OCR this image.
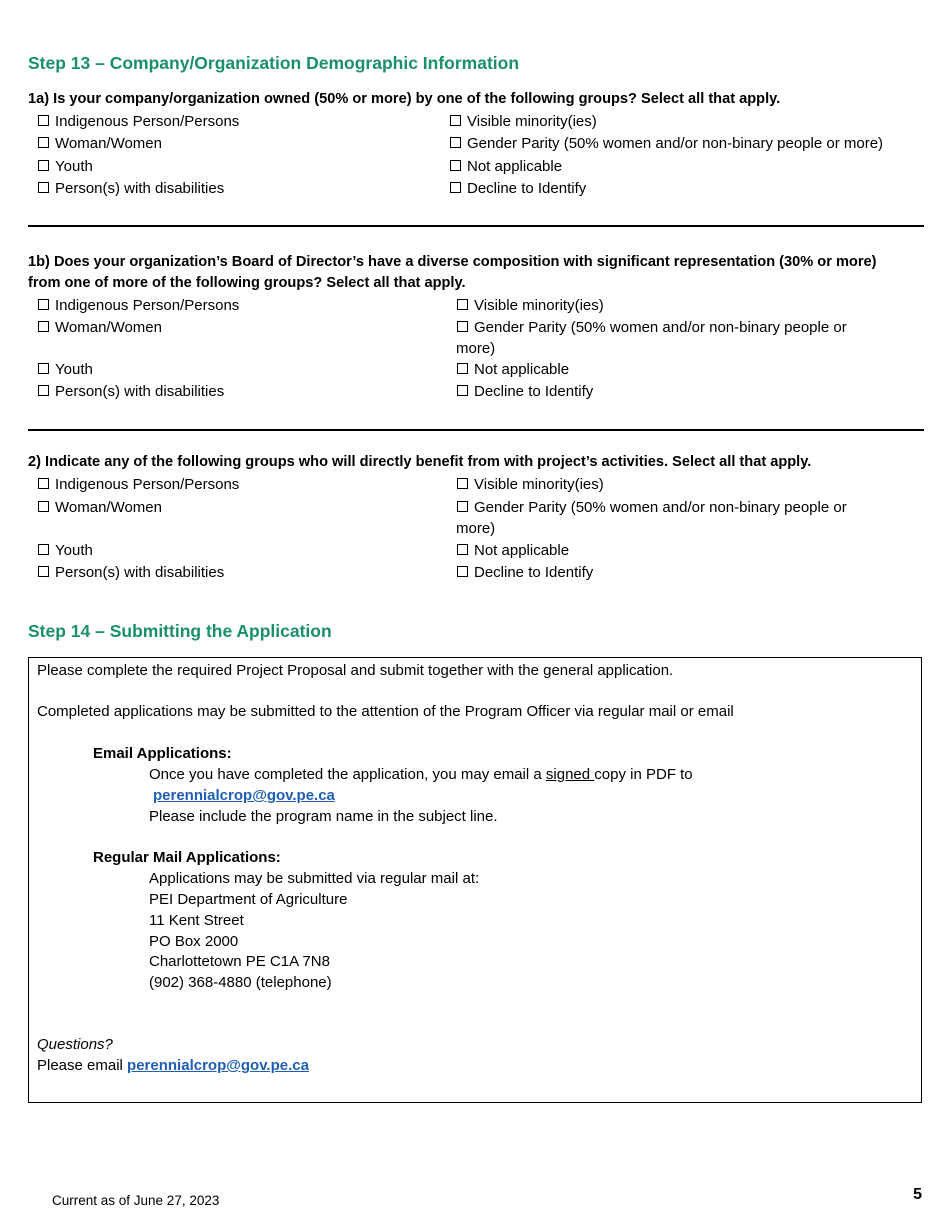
Step 13 – Company/Organization Demographic Information
1a) Is your company/organization owned (50% or more) by one of the following groups? Select all that apply.
Indigenous Person/Persons
Woman/Women
Youth
Person(s) with disabilities
Visible minority(ies)
Gender Parity (50% women and/or non-binary people or more)
Not applicable
Decline to Identify
1b) Does your organization’s Board of Director’s have a diverse composition with significant representation (30% or more)
from one of more of the following groups? Select all that apply.
Indigenous Person/Persons
Woman/Women
Youth
Person(s) with disabilities
Visible minority(ies)
Gender Parity (50% women and/or non-binary people or
more)
Not applicable
Decline to Identify
2) Indicate any of the following groups who will directly benefit from with project’s activities. Select all that apply.
Indigenous Person/Persons
Woman/Women
Youth
Person(s) with disabilities
Visible minority(ies)
Gender Parity (50% women and/or non-binary people or
more)
Not applicable
Decline to Identify
Step 14 – Submitting the Application
Please complete the required Project Proposal and submit together with the general application.
Completed applications may be submitted to the attention of the Program Officer via regular mail or email
Email Applications:
Once you have completed the application, you may email a signed copy in PDF to
perennialcrop@gov.pe.ca
Please include the program name in the subject line.
Regular Mail Applications:
Applications may be submitted via regular mail at:
PEI Department of Agriculture
11 Kent Street
PO Box 2000
Charlottetown PE C1A 7N8
(902) 368-4880 (telephone)
Questions?
Please email perennialcrop@gov.pe.ca
Current as of June 27, 2023	5
